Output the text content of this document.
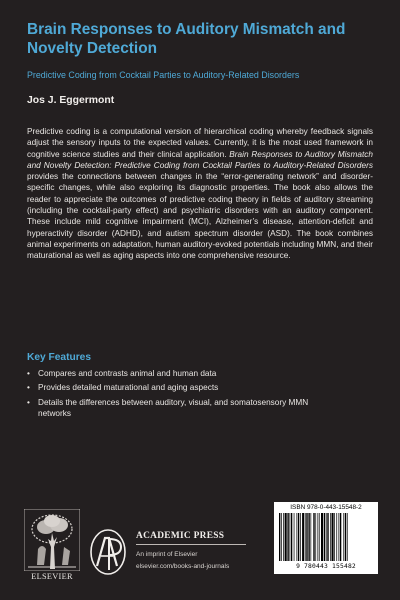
Brain Responses to Auditory Mismatch and Novelty Detection
Predictive Coding from Cocktail Parties to Auditory-Related Disorders
Jos J. Eggermont

Predictive coding is a computational version of hierarchical coding whereby feedback signals adjust the sensory inputs to the expected values. Currently, it is the most used framework in cognitive science studies and their clinical application. Brain Responses to Auditory Mismatch and Novelty Detection: Predictive Coding from Cocktail Parties to Auditory-Related Disorders provides the connections between changes in the “error-generating network” and disorder-specific changes, while also exploring its diagnostic properties. The book also allows the reader to appreciate the outcomes of predictive coding theory in fields of auditory streaming (including the cocktail-party effect) and psychiatric disorders with an auditory component. These include mild cognitive impairment (MCI), Alzheimer’s disease, attention-deficit and hyperactivity disorder (ADHD), and autism spectrum disorder (ASD). The book combines animal experiments on adaptation, human auditory-evoked potentials including MMN, and their maturational as well as aging aspects into one comprehensive resource.

Key Features
• Compares and contrasts animal and human data
• Provides detailed maturational and aging aspects
• Details the differences between auditory, visual, and somatosensory MMN networks
ELSEVIER
ACADEMIC PRESS
An imprint of Elsevier
elsevier.com/books-and-journals
ISBN 978-0-443-15548-2
9 780443 155482
